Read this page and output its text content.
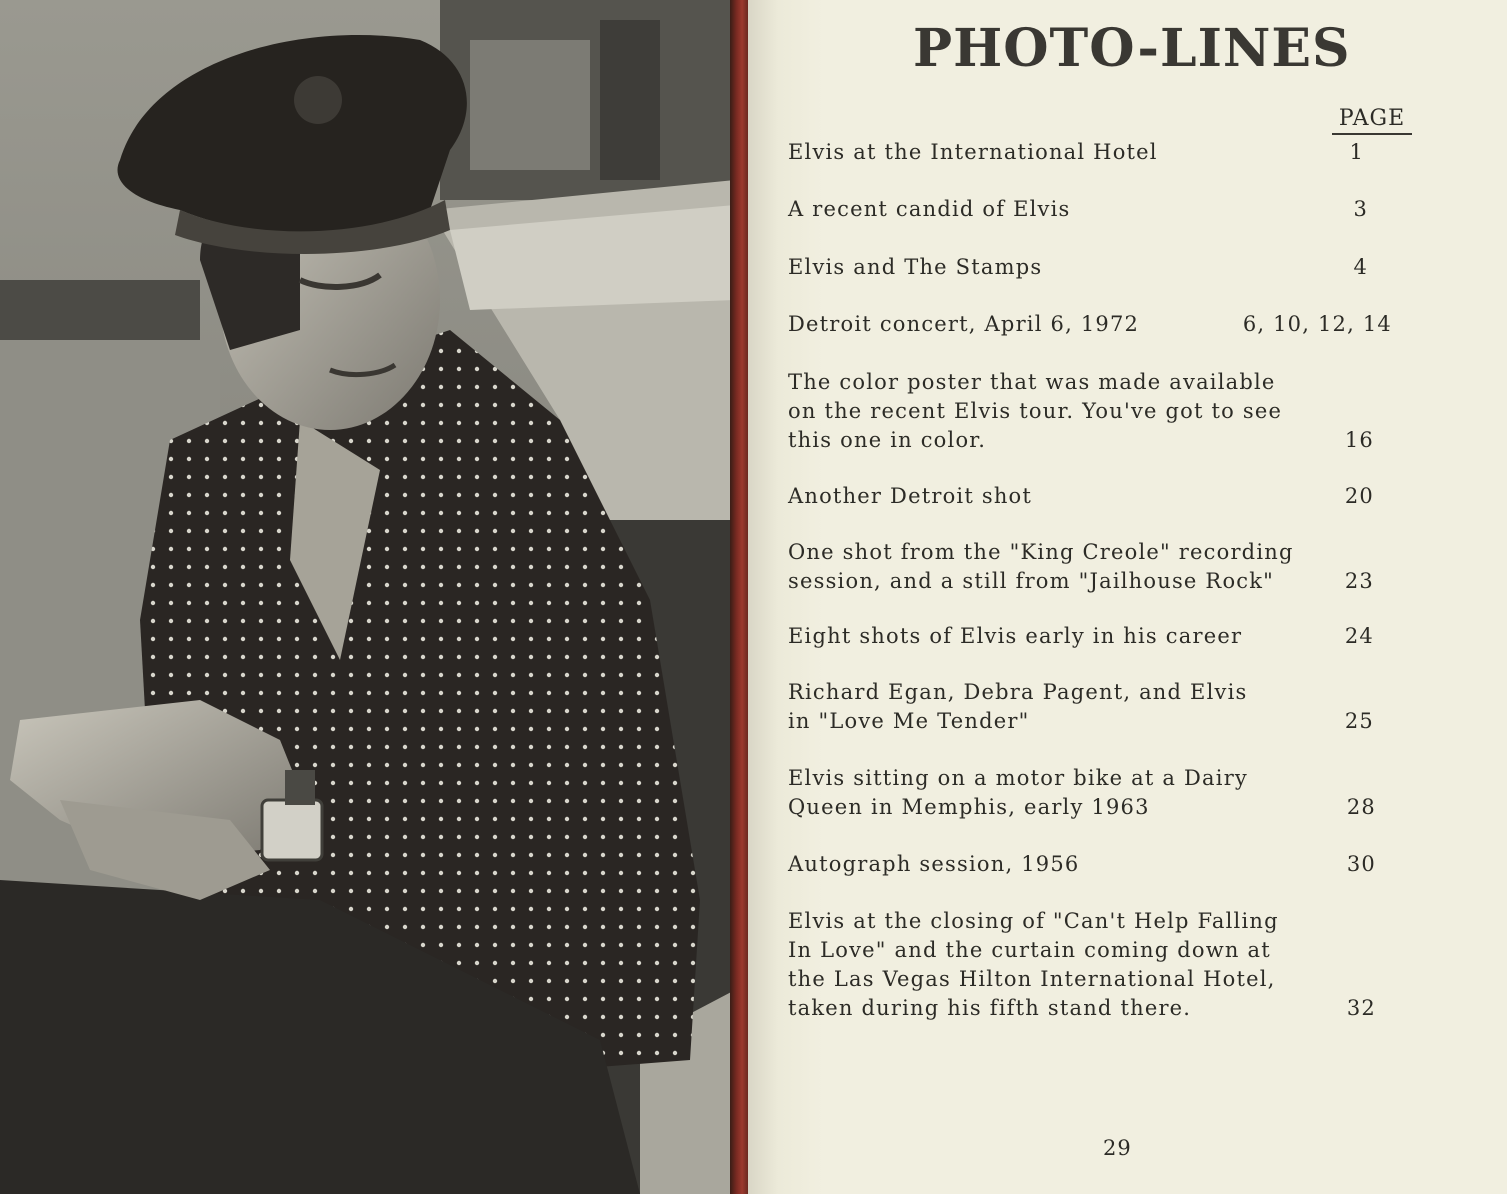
PHOTO-LINES
PAGE
Elvis at the International Hotel	1
A recent candid of Elvis	3
Elvis and The Stamps	4
Detroit concert, April 6, 1972	6, 10, 12, 14
The color poster that was made available
on the recent Elvis tour. You've got to see
this one in color.	16
Another Detroit shot	20
One shot from the "King Creole" recording
session, and a still from "Jailhouse Rock"	23
Eight shots of Elvis early in his career	24
Richard Egan, Debra Pagent, and Elvis
in "Love Me Tender"	25
Elvis sitting on a motor bike at a Dairy
Queen in Memphis, early 1963	28
Autograph session, 1956	30
Elvis at the closing of "Can't Help Falling
In Love" and the curtain coming down at
the Las Vegas Hilton International Hotel,
taken during his fifth stand there.	32
29
